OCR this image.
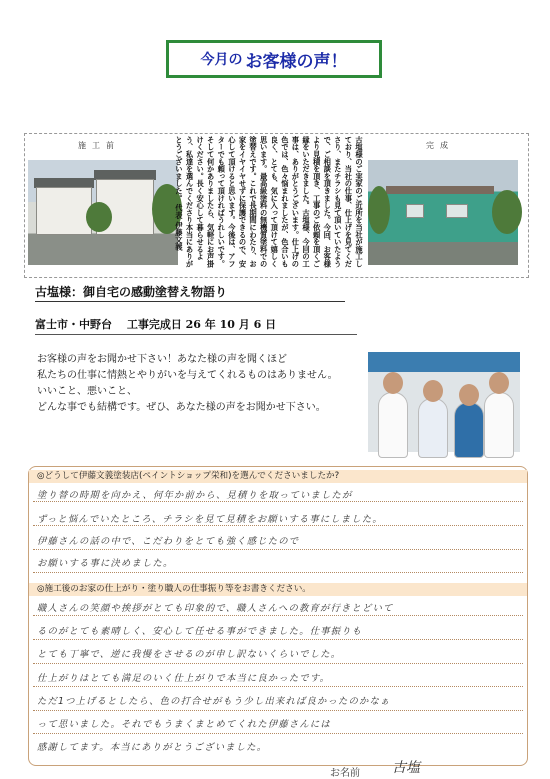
今月の お客様の声！
施工前	完成
古塩様のご実家のご近所を当社が施工しており、当社の仕事、仕上げを見てくださり、またチラシも見て頂いていたようで、ご相談を頂きました。今回、お客様より見積を頂き、工事のご依頼を頂くご縁をいただきました。古塩様、今回の工事は、ありがとうございます。仕上げの色では、色々悩まれましたが、色合いも良く、とても、気に入って頂けて嬉しく思います。最高級塗料の無機質塗料での塗替えです。これで長期間にわたり、お家をイヤイヤせずに保護できるので、安心して頂けると思います。今後は、アフターでも頼って頂ければうれしいです。そして何かありましたら、気軽にお声掛けください。長く安心して暮らせるよう、私達を選んでくださり本当にありがとうございました。 代表 伊藤文義
古塩様：御自宅の感動塗替え物語り
富士市・中野台　 工事完成日 26 年 10 月 6 日
お客様の声をお聞かせ下さい！あなた様の声を聞くほど
私たちの仕事に情熱とやりがいを与えてくれるものはありません。
いいこと、悪いこと、
どんな事でも結構です。ぜひ、あなた様の声をお聞かせ下さい。
◎どうして伊藤文義塗装店(ペイントショップ栄和)を選んでくださいましたか?
塗り替の時期を向かえ、何年か前から、見積りを取っていましたが
ずっと悩んでいたところ、チラシを見て見積をお願いする事にしました。
伊藤さんの話の中で、こだわりをとても強く感じたので
お願いする事に決めました。
◎施工後のお家の仕上がり・塗り職人の仕事振り等をお書きください。
職人さんの笑顔や挨拶がとても印象的で、職人さんへの教育が行きとどいて
るのがとても素晴しく、安心して任せる事ができました。仕事振りも
とても丁寧で、逆に我慢をさせるのが申し訳ないくらいでした。
仕上がりはとても満足のいく仕上がりで本当に良かったです。
ただ1つ上げるとしたら、色の打合せがもう少し出来れば良かったのかなぁ
って思いました。それでもうまくまとめてくれた伊藤さんには
感謝してます。本当にありがとうございました。
お名前 古塩
